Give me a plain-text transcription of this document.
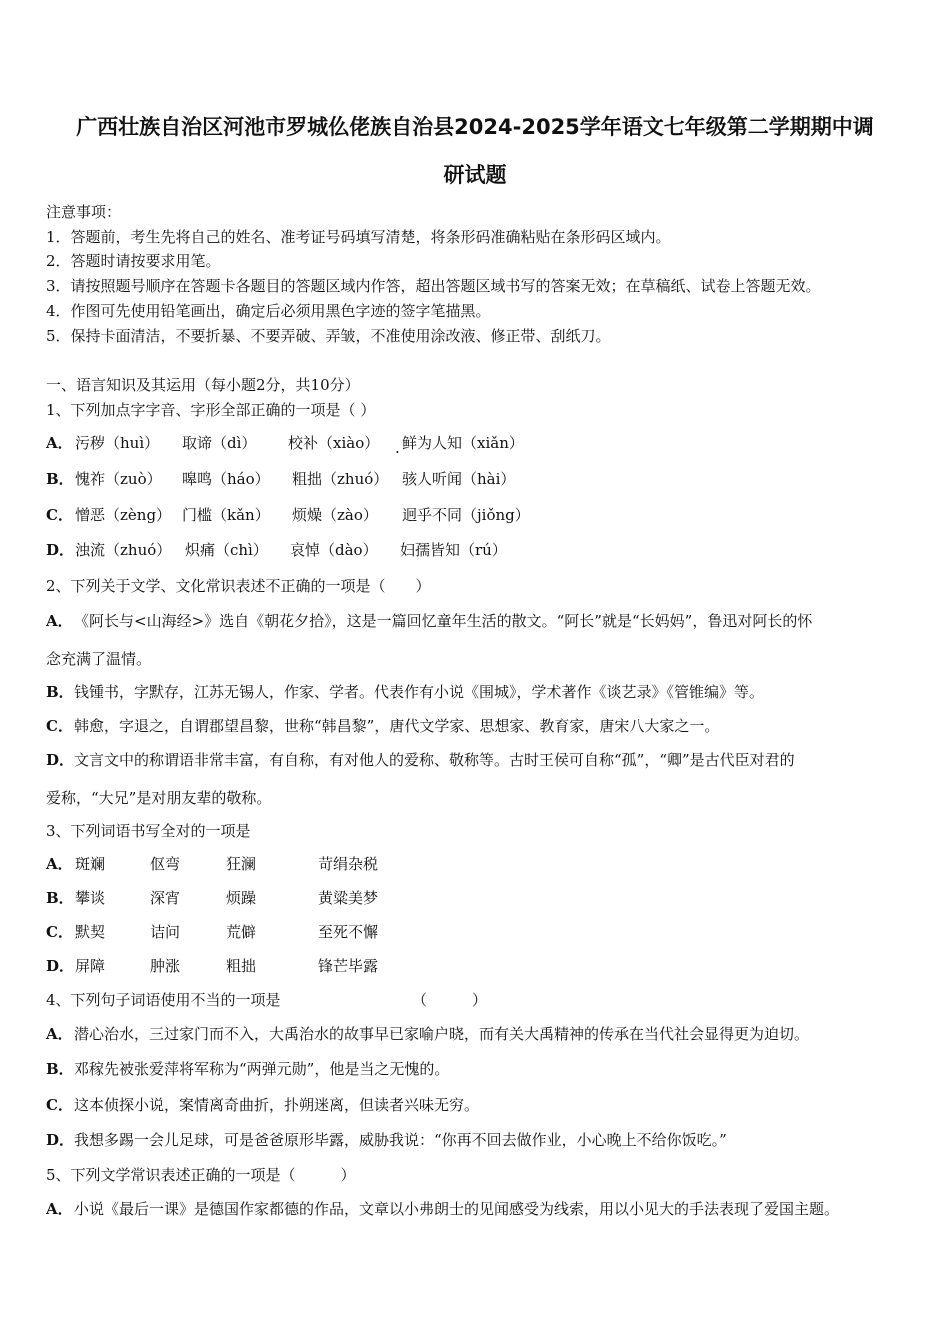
广西壮族自治区河池市罗城仫佬族自治县2024-2025学年语文七年级第二学期期中调
研试题
注意事项：
1．答题前，考生先将自己的姓名、准考证号码填写清楚，将条形码准确粘贴在条形码区域内。
2．答题时请按要求用笔。
3．请按照题号顺序在答题卡各题目的答题区域内作答，超出答题区域书写的答案无效；在草稿纸、试卷上答题无效。
4．作图可先使用铅笔画出，确定后必须用黑色字迹的签字笔描黑。
5．保持卡面清洁，不要折暴、不要弄破、弄皱，不准使用涂改液、修正带、刮纸刀。
一、语言知识及其运用（每小题2分，共10分）
1、下列加点字字音、字形全部正确的一项是（ ）
A． 污秽（huì） 取谛（dì） 校补（xiào） 鲜为人知（xiǎn）
·
B． 愧祚（zuò） 嗥鸣（háo） 粗拙（zhuó） 骇人听闻（hài）
C． 憎恶（zèng） 门槛（kǎn） 烦燥（zào） 迥乎不同（jiǒng）
D． 浊流（zhuó） 炽痛（chì） 哀悼（dào） 妇孺皆知（rú）
2、下列关于文学、文化常识表述不正确的一项是（　　）
A．《阿长与<山海经>》选自《朝花夕拾》，这是一篇回忆童年生活的散文。“阿长”就是“长妈妈”，鲁迅对阿长的怀
念充满了温情。
B．钱锺书，字默存，江苏无锡人，作家、学者。代表作有小说《围城》，学术著作《谈艺录》《管锥编》等。
C．韩愈，字退之，自谓郡望昌黎，世称“韩昌黎”，唐代文学家、思想家、教育家，唐宋八大家之一。
D．文言文中的称谓语非常丰富，有自称，有对他人的爱称、敬称等。古时王侯可自称“孤”，“卿”是古代臣对君的
爱称，“大兄”是对朋友辈的敬称。
3、下列词语书写全对的一项是
A． 斑斓	伛弯	狂澜	苛绢杂税
B． 攀谈	深宵	烦躁	黄粱美梦
C． 默契	诘问	荒僻	至死不懈
D． 屏障	肿涨	粗拙	锋芒毕露
4、下列句子词语使用不当的一项是	（　　　）
A．潜心治水，三过家门而不入，大禹治水的故事早已家喻户晓，而有关大禹精神的传承在当代社会显得更为迫切。
B．邓稼先被张爱萍将军称为“两弹元勋”，他是当之无愧的。
C．这本侦探小说，案情离奇曲折，扑朔迷离，但读者兴味无穷。
D．我想多踢一会儿足球，可是爸爸原形毕露，威胁我说：“你再不回去做作业，小心晚上不给你饭吃。”
5、下列文学常识表述正确的一项是（　　　）
A．小说《最后一课》是德国作家都德的作品，文章以小弗朗士的见闻感受为线索，用以小见大的手法表现了爱国主题。
